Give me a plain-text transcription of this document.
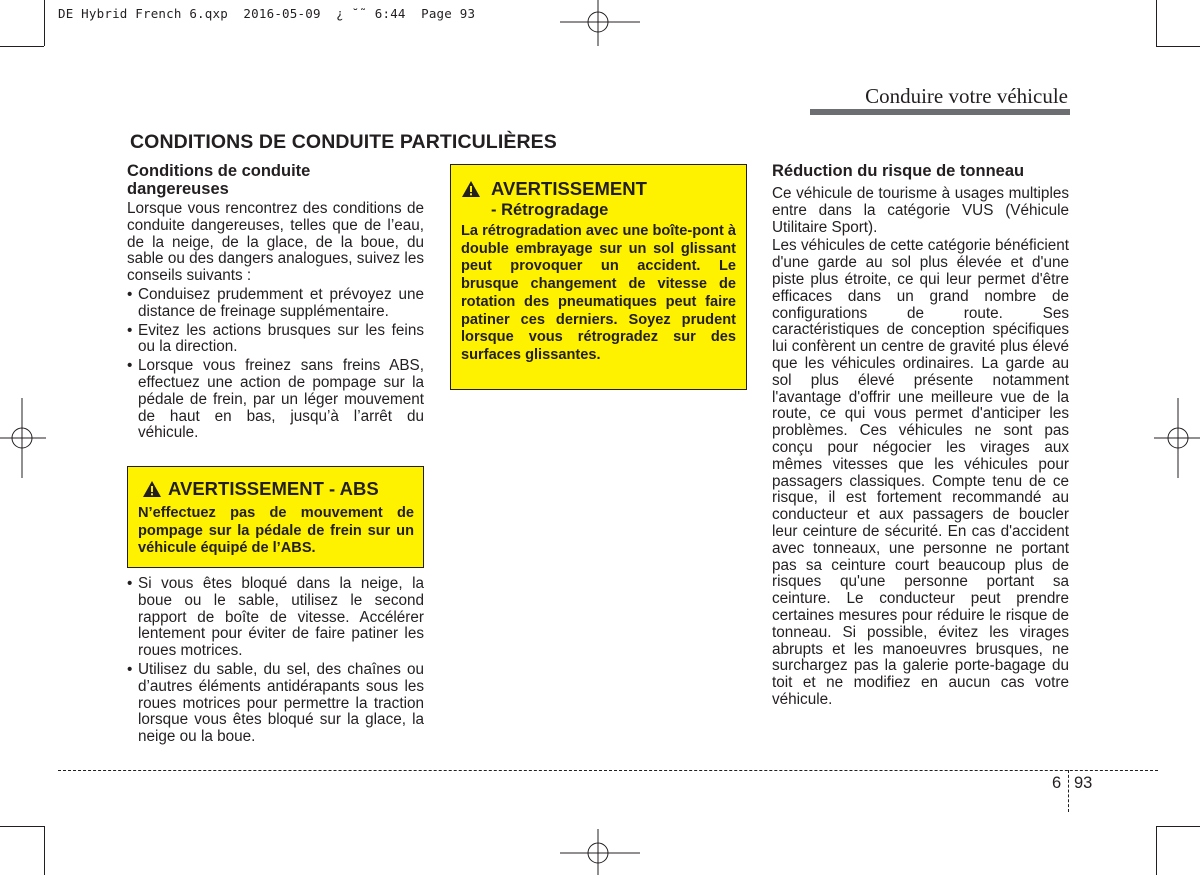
DE Hybrid French 6.qxp  2016-05-09  ¿ ˘˜ 6:44  Page 93
Conduire votre véhicule
CONDITIONS DE CONDUITE PARTICULIÈRES
Conditions de conduite dangereuses

Lorsque vous rencontrez des conditions de conduite dangereuses, telles que de l’eau, de la neige, de la glace, de la boue, du sable ou des dangers analogues, suivez les conseils suivants :

• Conduisez prudemment et prévoyez une distance de freinage supplémentaire.
• Evitez les actions brusques sur les feins ou la direction.
• Lorsque vous freinez sans freins ABS, effectuez une action de pompage sur la pédale de frein, par un léger mouvement de haut en bas, jusqu’à l’arrêt du véhicule.
AVERTISSEMENT - ABS
N’effectuez pas de mouvement de pompage sur la pédale de frein sur un véhicule équipé de l’ABS.
• Si vous êtes bloqué dans la neige, la boue ou le sable, utilisez le second rapport de boîte de vitesse. Accélérer lentement pour éviter de faire patiner les roues motrices.
• Utilisez du sable, du sel, des chaînes ou d’autres éléments antidérapants sous les roues motrices pour permettre la traction lorsque vous êtes bloqué sur la glace, la neige ou la boue.
AVERTISSEMENT
- Rétrogradage
La rétrogradation avec une boîte-pont à double embrayage sur un sol glissant peut provoquer un accident. Le brusque changement de vitesse de rotation des pneumatiques peut faire patiner ces derniers. Soyez prudent lorsque vous rétrogradez sur des surfaces glissantes.
Réduction du risque de tonneau

Ce véhicule de tourisme à usages multiples entre dans la catégorie VUS (Véhicule Utilitaire Sport).

Les véhicules de cette catégorie bénéficient d'une garde au sol plus élevée et d'une piste plus étroite, ce qui leur permet d'être efficaces dans un grand nombre de configurations de route. Ses caractéristiques de conception spécifiques lui confèrent un centre de gravité plus élevé que les véhicules ordinaires. La garde au sol plus élevé présente notamment l'avantage d'offrir une meilleure vue de la route, ce qui vous permet d'anticiper les problèmes. Ces véhicules ne sont pas conçu pour négocier les virages aux mêmes vitesses que les véhicules pour passagers classiques. Compte tenu de ce risque, il est fortement recommandé au conducteur et aux passagers de boucler leur ceinture de sécurité. En cas d'accident avec tonneaux, une personne ne portant pas sa ceinture court beaucoup plus de risques qu'une personne portant sa ceinture. Le conducteur peut prendre certaines mesures pour réduire le risque de tonneau. Si possible, évitez les virages abrupts et les manoeuvres brusques, ne surchargez pas la galerie porte-bagage du toit et ne modifiez en aucun cas votre véhicule.

6 93
